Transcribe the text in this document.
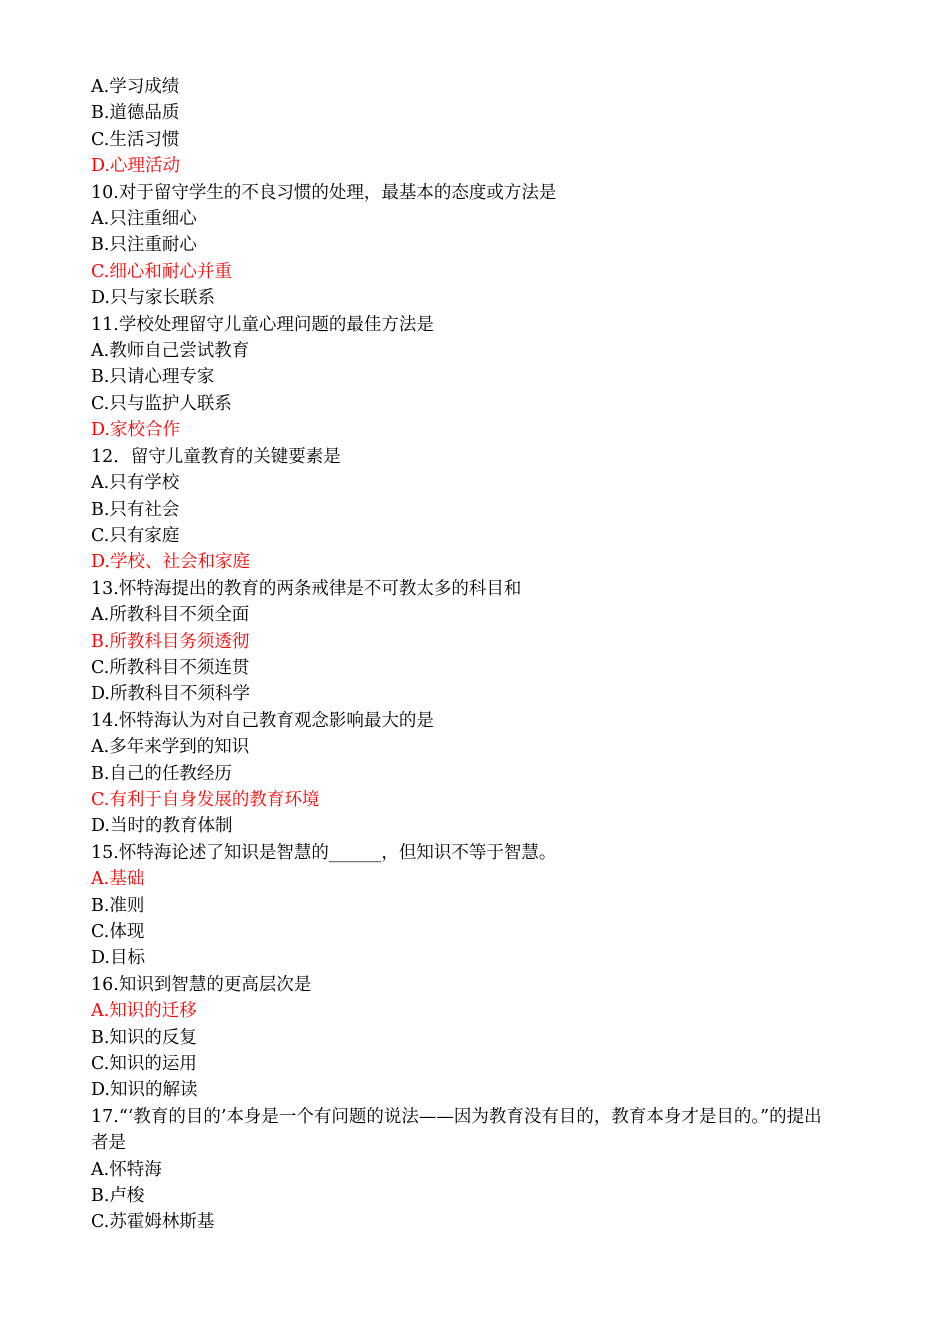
A.学习成绩
B.道德品质
C.生活习惯
D.心理活动
10.对于留守学生的不良习惯的处理，最基本的态度或方法是
A.只注重细心
B.只注重耐心
C.细心和耐心并重
D.只与家长联系
11.学校处理留守儿童心理问题的最佳方法是
A.教师自己尝试教育
B.只请心理专家
C.只与监护人联系
D.家校合作
12．留守儿童教育的关键要素是
A.只有学校
B.只有社会
C.只有家庭
D.学校、社会和家庭
13.怀特海提出的教育的两条戒律是不可教太多的科目和
A.所教科目不须全面
B.所教科目务须透彻
C.所教科目不须连贯
D.所教科目不须科学
14.怀特海认为对自己教育观念影响最大的是
A.多年来学到的知识
B.自己的任教经历
C.有利于自身发展的教育环境
D.当时的教育体制
15.怀特海论述了知识是智慧的______，但知识不等于智慧。
A.基础
B.准则
C.体现
D.目标
16.知识到智慧的更高层次是
A.知识的迁移
B.知识的反复
C.知识的运用
D.知识的解读
17.“‘教育的目的’本身是一个有问题的说法——因为教育没有目的，教育本身才是目的。”的提出者是
A.怀特海
B.卢梭
C.苏霍姆林斯基
